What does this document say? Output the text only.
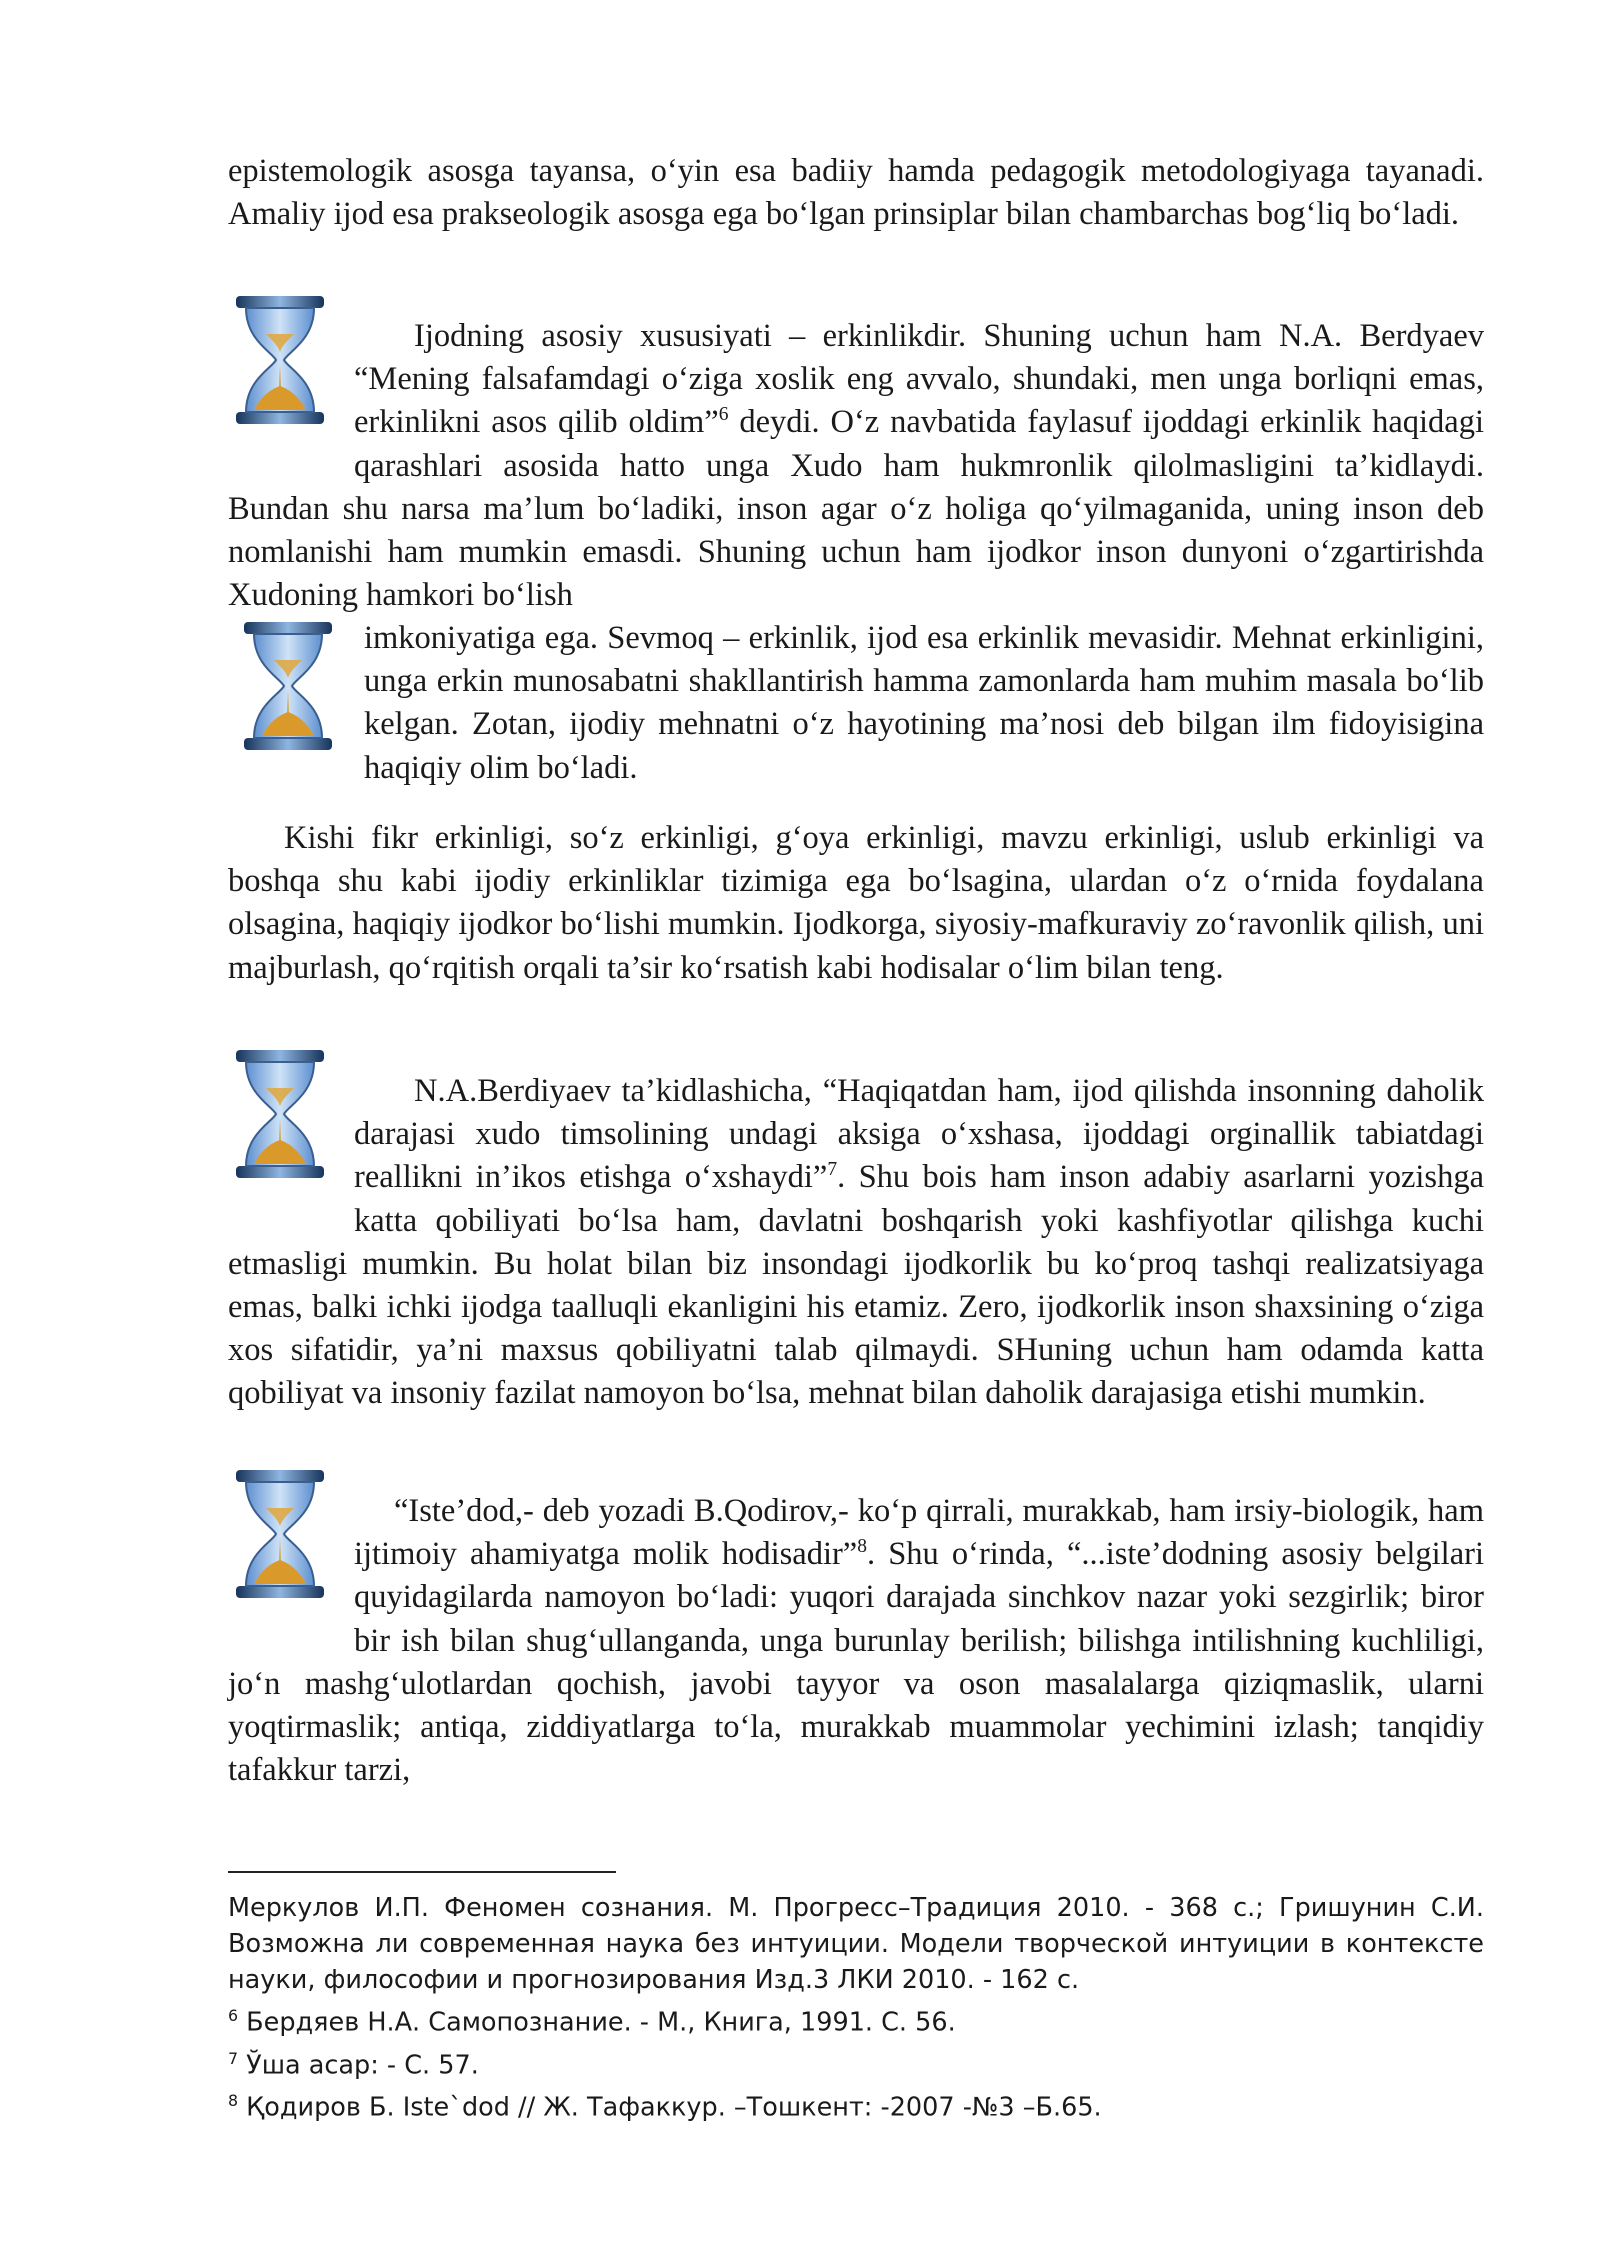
epistemologik asosga tayansa, o‘yin esa badiiy hamda pedagogik metodologiyaga tayanadi. Amaliy ijod esa prakseologik asosga ega bo‘lgan prinsiplar bilan chambarchas bog‘liq bo‘ladi.

Ijodning asosiy xususiyati – erkinlikdir. Shuning uchun ham N.A. Berdyaev “Mening falsafamdagi o‘ziga xoslik eng avvalo, shundaki, men unga borliqni emas, erkinlikni asos qilib oldim”$^6$ deydi. O‘z navbatida faylasuf ijoddagi erkinlik haqidagi qarashlari asosida hatto unga Xudo ham hukmronlik qilolmasligini ta’kidlaydi. Bundan shu narsa ma’lum bo‘ladiki, inson agar o‘z holiga qo‘yilmaganida, uning inson deb nomlanishi ham mumkin emasdi. Shuning uchun ham ijodkor inson dunyoni o‘zgartirishda Xudoning hamkori bo‘lish

imkoniyatiga ega. Sevmoq – erkinlik, ijod esa erkinlik mevasidir. Mehnat erkinligini, unga erkin munosabatni shakllantirish hamma zamonlarda ham muhim masala bo‘lib kelgan. Zotan, ijodiy mehnatni o‘z hayotining ma’nosi deb bilgan ilm fidoyisigina haqiqiy olim bo‘ladi.

Kishi fikr erkinligi, so‘z erkinligi, g‘oya erkinligi, mavzu erkinligi, uslub erkinligi va boshqa shu kabi ijodiy erkinliklar tizimiga ega bo‘lsagina, ulardan o‘z o‘rnida foydalana olsagina, haqiqiy ijodkor bo‘lishi mumkin. Ijodkorga, siyosiy-mafkuraviy zo‘ravonlik qilish, uni majburlash, qo‘rqitish orqali ta’sir ko‘rsatish kabi hodisalar o‘lim bilan teng.

N.A.Berdiyaev ta’kidlashicha, “Haqiqatdan ham, ijod qilishda insonning daholik darajasi xudo timsolining undagi aksiga o‘xshasa, ijoddagi orginallik tabiatdagi reallikni in’ikos etishga o‘xshaydi”$^7$. Shu bois ham inson adabiy asarlarni yozishga katta qobiliyati bo‘lsa ham, davlatni boshqarish yoki kashfiyotlar qilishga kuchi etmasligi mumkin. Bu holat bilan biz insondagi ijodkorlik bu ko‘proq tashqi realizatsiyaga emas, balki ichki ijodga taalluqli ekanligini his etamiz. Zero, ijodkorlik inson shaxsining o‘ziga xos sifatidir, ya’ni maxsus qobiliyatni talab qilmaydi. SHuning uchun ham odamda katta qobiliyat va insoniy fazilat namoyon bo‘lsa, mehnat bilan daholik darajasiga etishi mumkin.

“Iste’dod,- deb yozadi B.Qodirov,- ko‘p qirrali, murakkab, ham irsiy-biologik, ham ijtimoiy ahamiyatga molik hodisadir”$^8$. Shu o‘rinda, “...iste’dodning asosiy belgilari quyidagilarda namoyon bo‘ladi: yuqori darajada sinchkov nazar yoki sezgirlik; biror bir ish bilan shug‘ullanganda, unga burunlay berilish; bilishga intilishning kuchliligi, jo‘n mashg‘ulotlardan qochish, javobi tayyor va oson masalalarga qiziqmaslik, ularni yoqtirmaslik; antiqa, ziddiyatlarga to‘la, murakkab muammolar yechimini izlash; tanqidiy tafakkur tarzi,

Меркулов И.П. Феномен сознания. М. Прогресс–Традиция 2010. - 368 с.; Гришунин С.И. Возможна ли современная наука без интуиции. Модели творческой интуиции в контексте науки, философии и прогнозирования Изд.3 ЛКИ 2010. - 162 с.

$^6$ Бердяев Н.А. Самопознание. - М., Книга, 1991. С. 56.

$^7$ Ўша асар: - С. 57.

$^8$ Қодиров Б. Iste`dod // Ж. Тафаккур. –Тошкент: -2007 -№3 –Б.65.
